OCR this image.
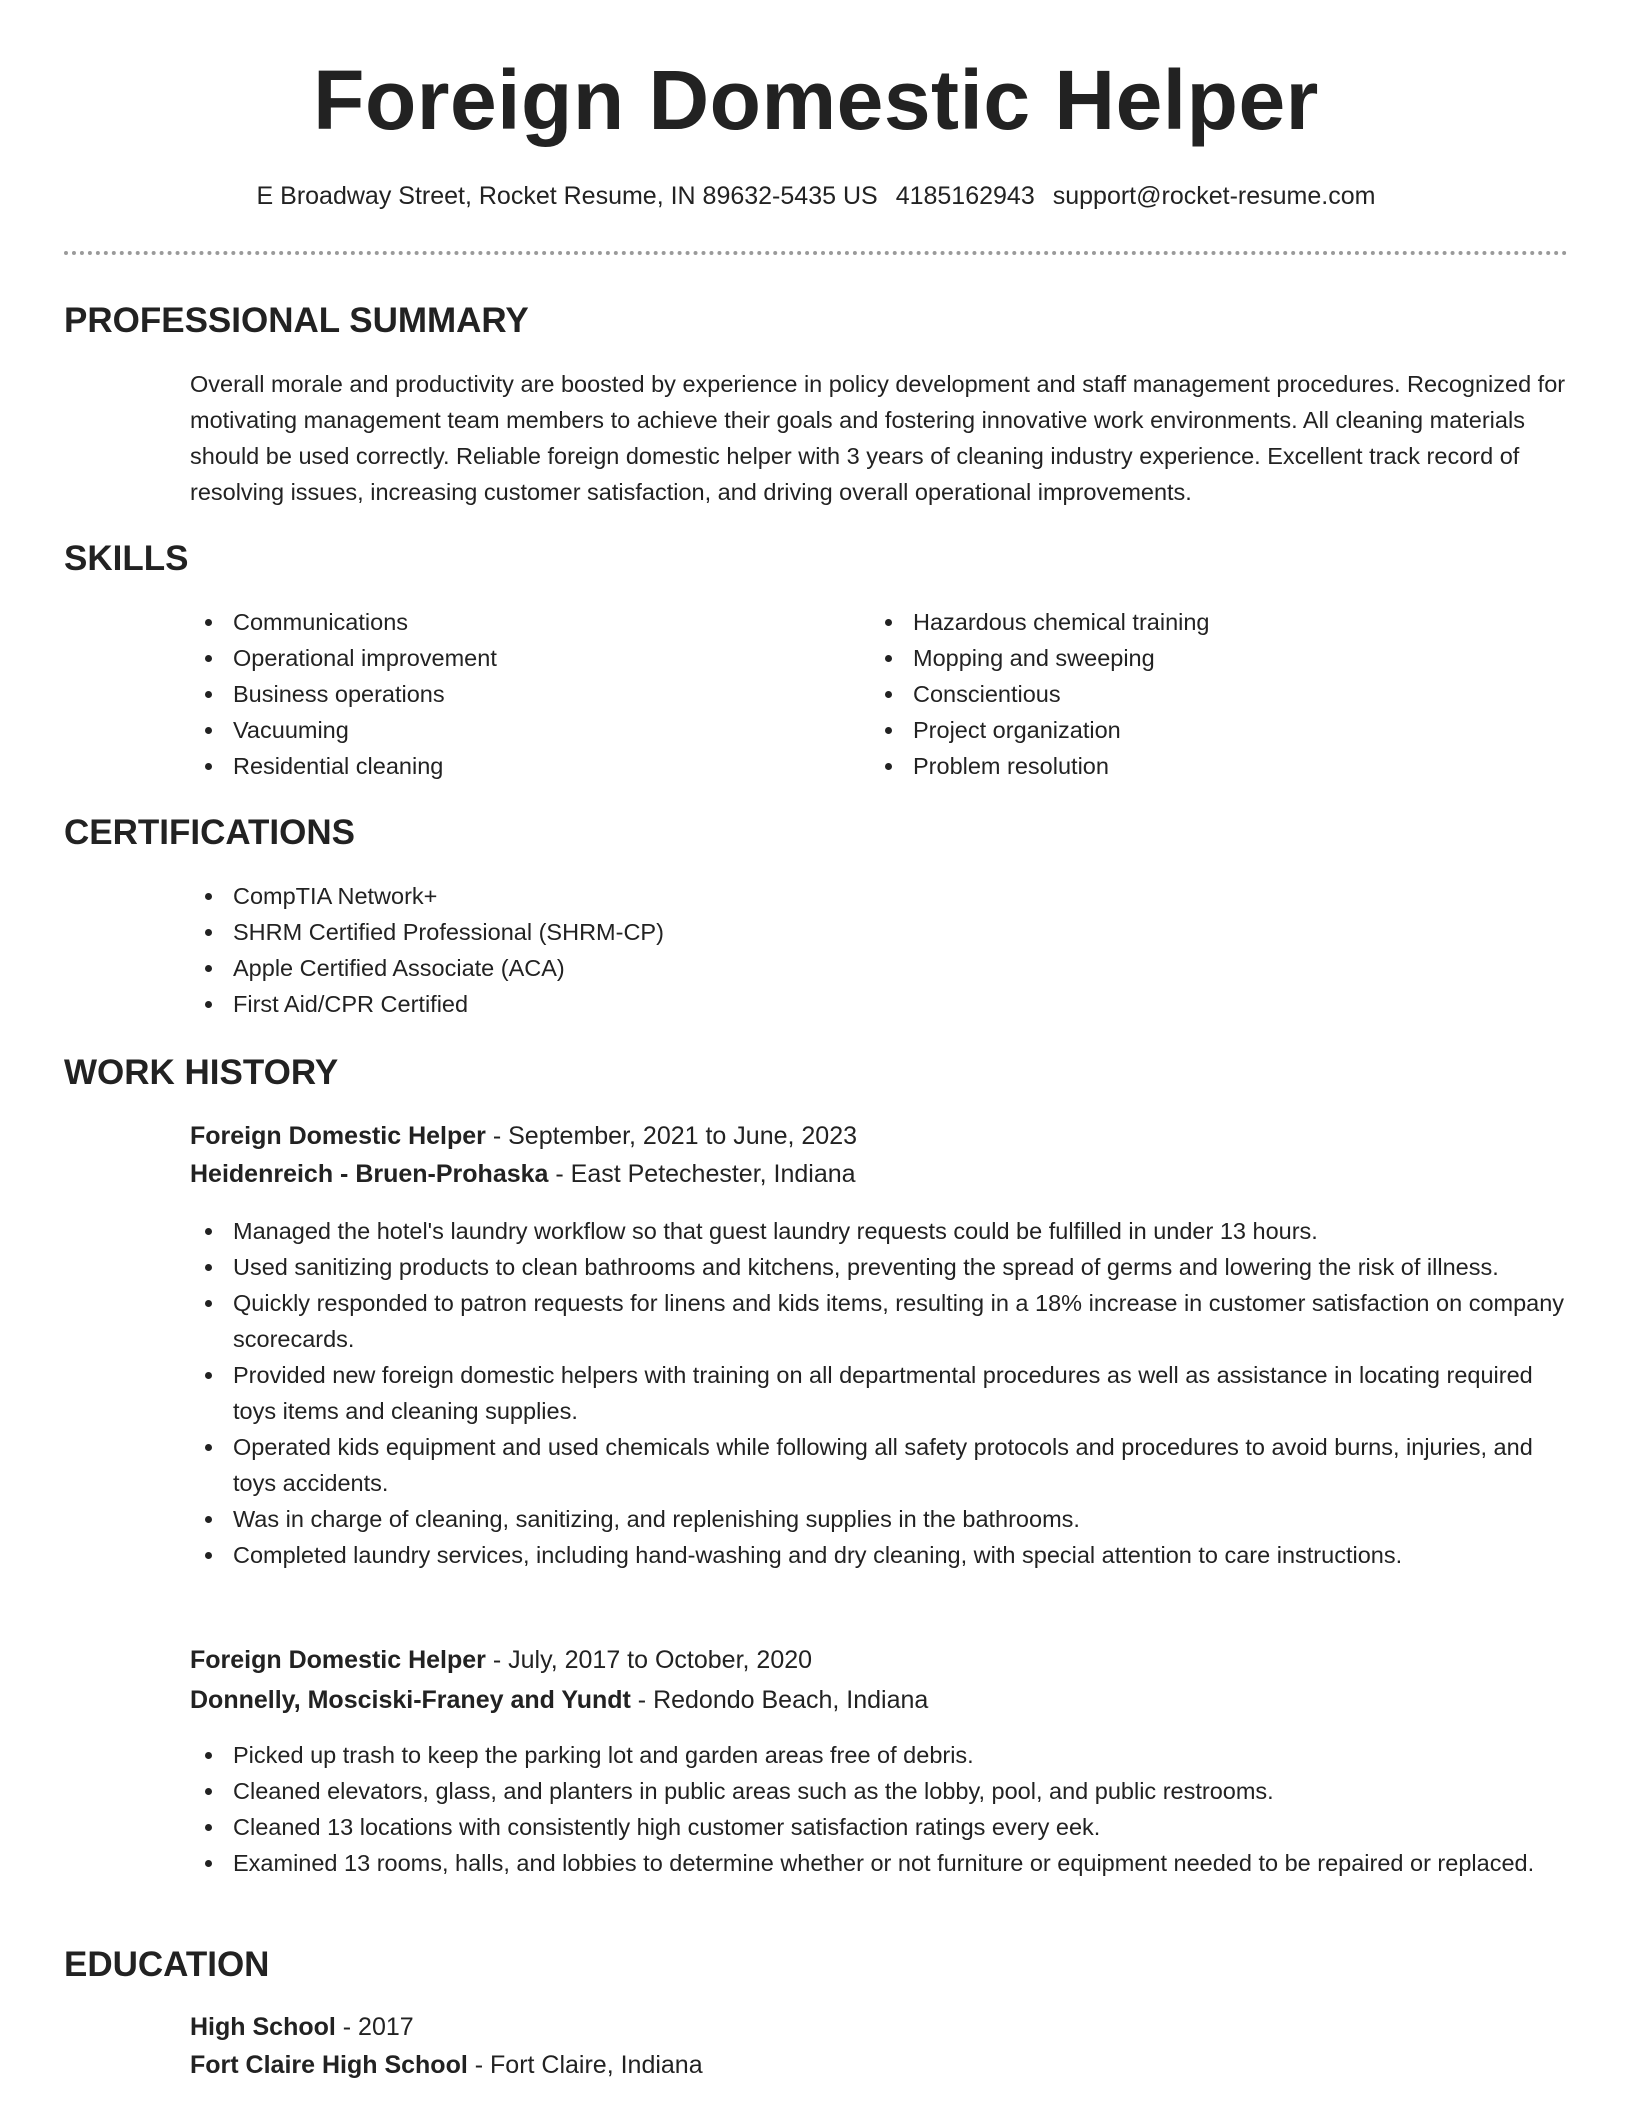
Foreign Domestic Helper
E Broadway Street, Rocket Resume, IN 89632-5435 US 4185162943 support@rocket-resume.com
PROFESSIONAL SUMMARY
Overall morale and productivity are boosted by experience in policy development and staff management procedures. Recognized for motivating management team members to achieve their goals and fostering innovative work environments. All cleaning materials should be used correctly. Reliable foreign domestic helper with 3 years of cleaning industry experience. Excellent track record of resolving issues, increasing customer satisfaction, and driving overall operational improvements.
SKILLS
Communications
Operational improvement
Business operations
Vacuuming
Residential cleaning
Hazardous chemical training
Mopping and sweeping
Conscientious
Project organization
Problem resolution
CERTIFICATIONS
CompTIA Network+
SHRM Certified Professional (SHRM-CP)
Apple Certified Associate (ACA)
First Aid/CPR Certified
WORK HISTORY
Foreign Domestic Helper - September, 2021 to June, 2023
Heidenreich - Bruen-Prohaska - East Petechester, Indiana
Managed the hotel's laundry workflow so that guest laundry requests could be fulfilled in under 13 hours.
Used sanitizing products to clean bathrooms and kitchens, preventing the spread of germs and lowering the risk of illness.
Quickly responded to patron requests for linens and kids items, resulting in a 18% increase in customer satisfaction on company scorecards.
Provided new foreign domestic helpers with training on all departmental procedures as well as assistance in locating required toys items and cleaning supplies.
Operated kids equipment and used chemicals while following all safety protocols and procedures to avoid burns, injuries, and toys accidents.
Was in charge of cleaning, sanitizing, and replenishing supplies in the bathrooms.
Completed laundry services, including hand-washing and dry cleaning, with special attention to care instructions.
Foreign Domestic Helper - July, 2017 to October, 2020
Donnelly, Mosciski-Franey and Yundt - Redondo Beach, Indiana
Picked up trash to keep the parking lot and garden areas free of debris.
Cleaned elevators, glass, and planters in public areas such as the lobby, pool, and public restrooms.
Cleaned 13 locations with consistently high customer satisfaction ratings every eek.
Examined 13 rooms, halls, and lobbies to determine whether or not furniture or equipment needed to be repaired or replaced.
EDUCATION
High School - 2017
Fort Claire High School - Fort Claire, Indiana
